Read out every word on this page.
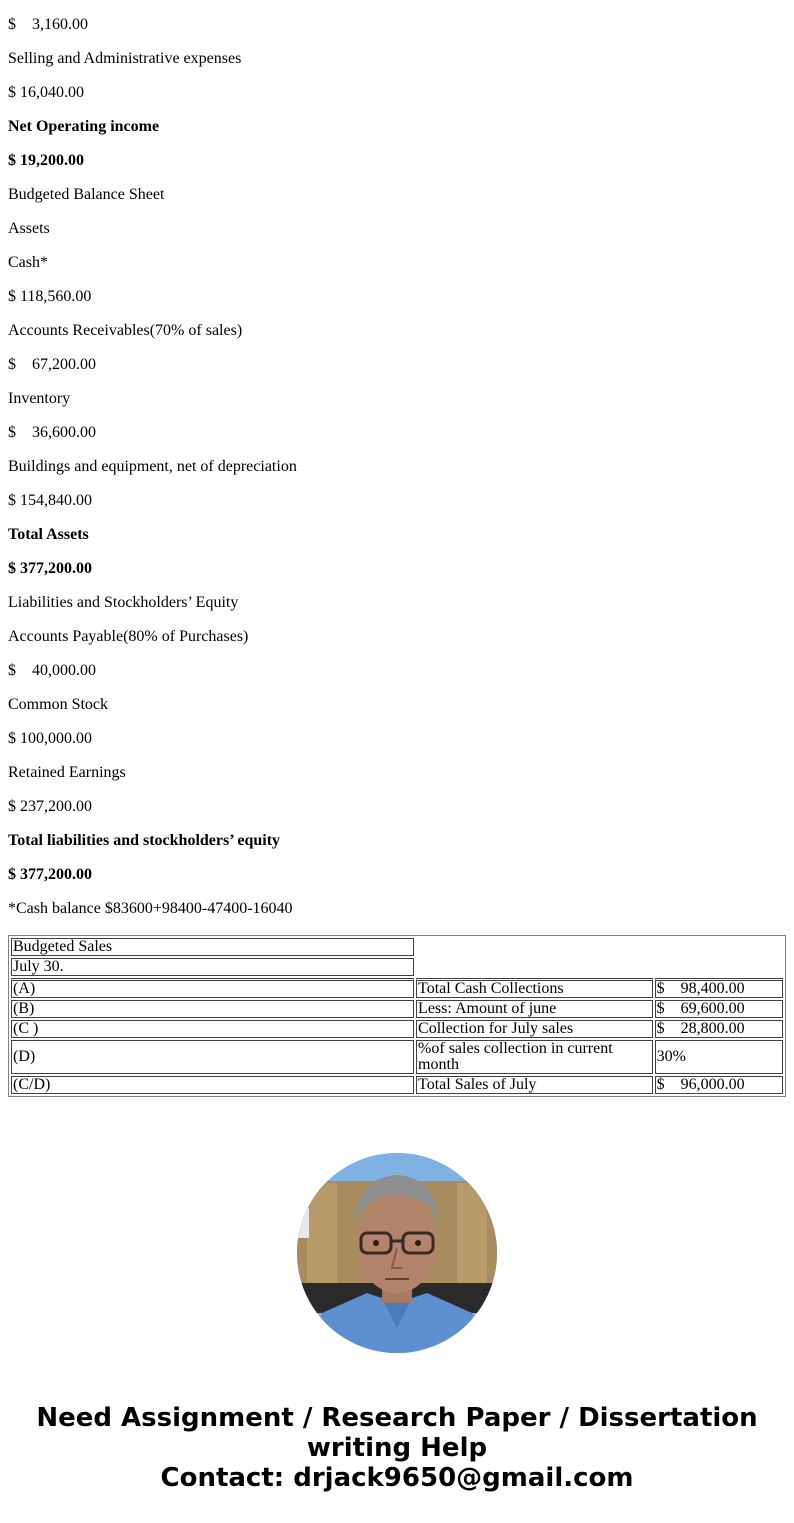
$    3,160.00
Selling and Administrative expenses
$ 16,040.00
Net Operating income
$ 19,200.00
Budgeted Balance Sheet
Assets
Cash*
$ 118,560.00
Accounts Receivables(70% of sales)
$    67,200.00
Inventory
$    36,600.00
Buildings and equipment, net of depreciation
$ 154,840.00
Total Assets
$ 377,200.00
Liabilities and Stockholders’ Equity
Accounts Payable(80% of Purchases)
$    40,000.00
Common Stock
$ 100,000.00
Retained Earnings
$ 237,200.00
Total liabilities and stockholders’ equity
$ 377,200.00
*Cash balance $83600+98400-47400-16040
Budgeted Sales		
July 30.		
(A)	Total Cash Collections	$    98,400.00
(B)	Less: Amount of june	$    69,600.00
(C )	Collection for July sales	$    28,800.00
(D)	%of sales collection in current month	30%
(C/D)	Total Sales of July	$    96,000.00
Need Assignment / Research Paper / Dissertation
writing Help
Contact: drjack9650@gmail.com
